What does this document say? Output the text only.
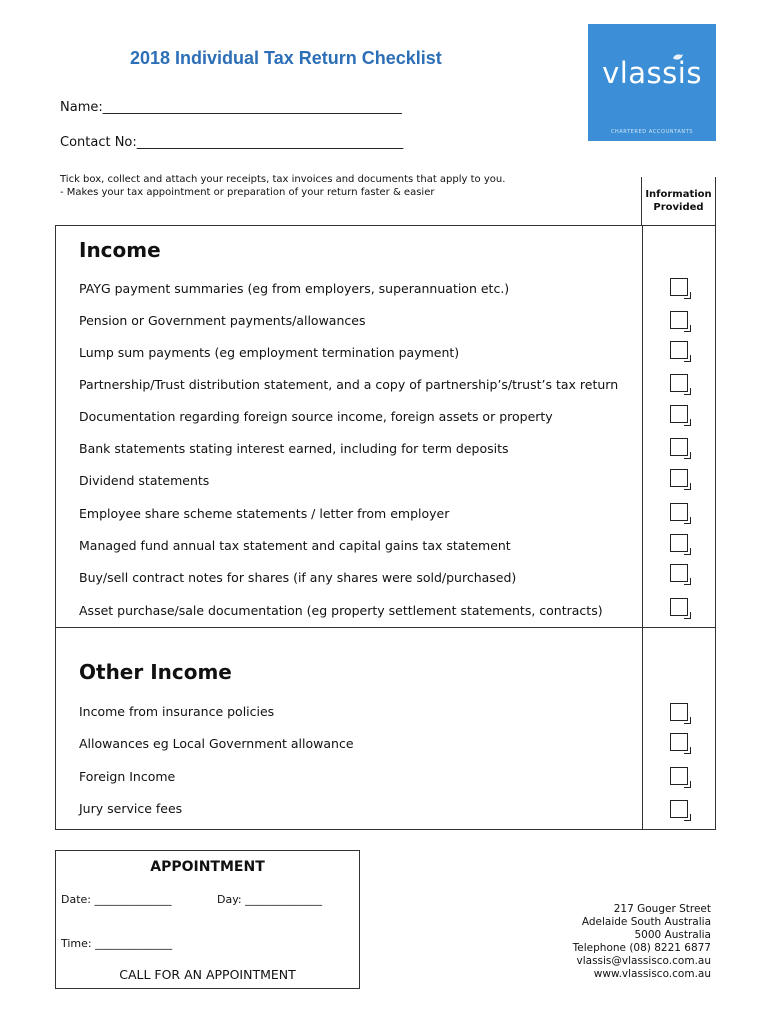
2018 Individual Tax Return Checklist	vlassis
CHARTERED ACCOUNTANTS
Name:______________________________________________
Contact No:_________________________________________
Tick box, collect and attach your receipts, tax invoices and documents that apply to you.
- Makes your tax appointment or preparation of your return faster & easier	Information
Provided
Income
PAYG payment summaries (eg from employers, superannuation etc.)
Pension or Government payments/allowances
Lump sum payments (eg employment termination payment)
Partnership/Trust distribution statement, and a copy of partnership’s/trust’s tax return
Documentation regarding foreign source income, foreign assets or property
Bank statements stating interest earned, including for term deposits
Dividend statements
Employee share scheme statements / letter from employer
Managed fund annual tax statement and capital gains tax statement
Buy/sell contract notes for shares (if any shares were sold/purchased)
Asset purchase/sale documentation (eg property settlement statements, contracts)
Other Income
Income from insurance policies
Allowances eg Local Government allowance
Foreign Income
Jury service fees
APPOINTMENT
Date: ______________	Day: ______________
Time: ______________
CALL FOR AN APPOINTMENT
217 Gouger Street
Adelaide South Australia
5000 Australia
Telephone (08) 8221 6877
vlassis@vlassisco.com.au
www.vlassisco.com.au
